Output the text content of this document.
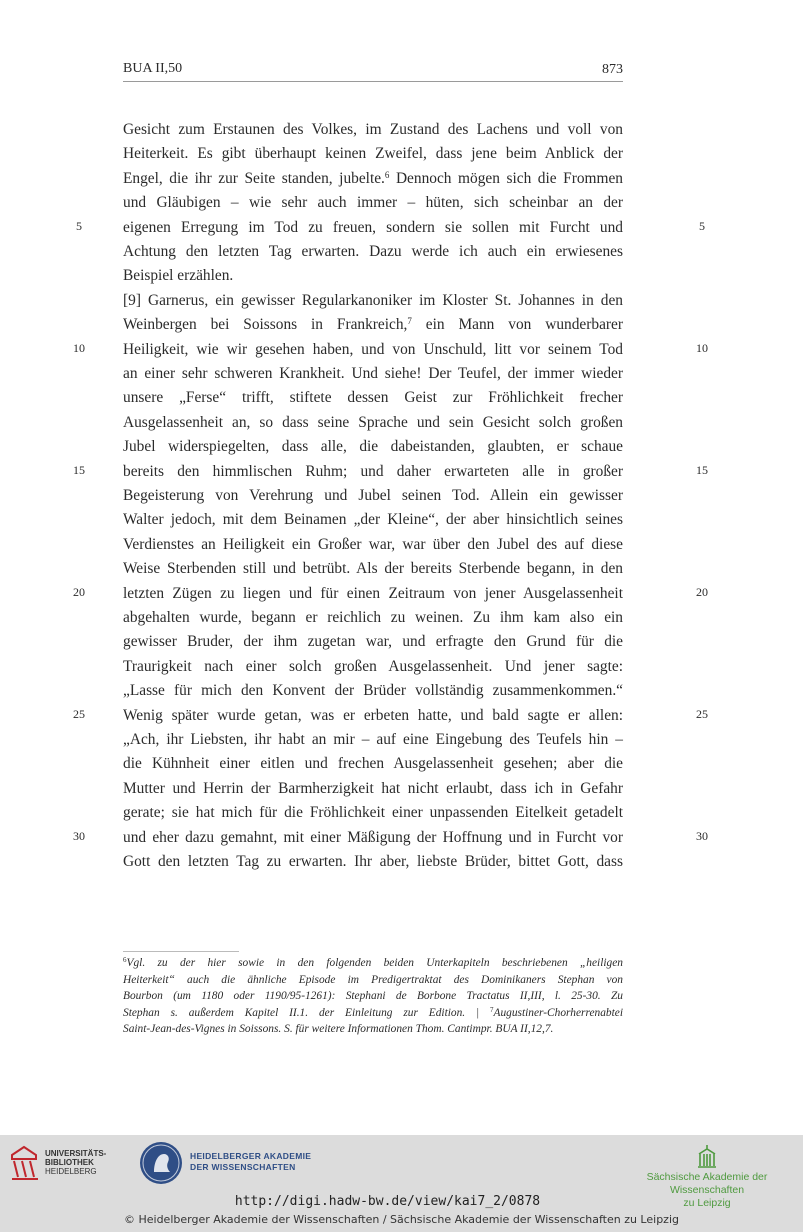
BUA II,50	873
5
10
15
20
25
30
5
10
15
20
25
30
Gesicht zum Erstaunen des Volkes, im Zustand des Lachens und voll von
Heiterkeit. Es gibt überhaupt keinen Zweifel, dass jene beim Anblick der
Engel, die ihr zur Seite standen, jubelte.$^6$ Dennoch mögen sich die Frommen
und Gläubigen – wie sehr auch immer – hüten, sich scheinbar an der
eigenen Erregung im Tod zu freuen, sondern sie sollen mit Furcht und
Achtung den letzten Tag erwarten. Dazu werde ich auch ein erwiesenes
Beispiel erzählen.
[9] Garnerus, ein gewisser Regularkanoniker im Kloster St. Johannes in den
Weinbergen bei Soissons in Frankreich,$^7$ ein Mann von wunderbarer
Heiligkeit, wie wir gesehen haben, und von Unschuld, litt vor seinem Tod
an einer sehr schweren Krankheit. Und siehe! Der Teufel, der immer wieder
unsere „Ferse“ trifft, stiftete dessen Geist zur Fröhlichkeit frecher
Ausgelassenheit an, so dass seine Sprache und sein Gesicht solch großen
Jubel widerspiegelten, dass alle, die dabeistanden, glaubten, er schaue
bereits den himmlischen Ruhm; und daher erwarteten alle in großer
Begeisterung von Verehrung und Jubel seinen Tod. Allein ein gewisser
Walter jedoch, mit dem Beinamen „der Kleine“, der aber hinsichtlich seines
Verdienstes an Heiligkeit ein Großer war, war über den Jubel des auf diese
Weise Sterbenden still und betrübt. Als der bereits Sterbende begann, in den
letzten Zügen zu liegen und für einen Zeitraum von jener Ausgelassenheit
abgehalten wurde, begann er reichlich zu weinen. Zu ihm kam also ein
gewisser Bruder, der ihm zugetan war, und erfragte den Grund für die
Traurigkeit nach einer solch großen Ausgelassenheit. Und jener sagte:
„Lasse für mich den Konvent der Brüder vollständig zusammenkommen.“
Wenig später wurde getan, was er erbeten hatte, und bald sagte er allen:
„Ach, ihr Liebsten, ihr habt an mir – auf eine Eingebung des Teufels hin –
die Kühnheit einer eitlen und frechen Ausgelassenheit gesehen; aber die
Mutter und Herrin der Barmherzigkeit hat nicht erlaubt, dass ich in Gefahr
gerate; sie hat mich für die Fröhlichkeit einer unpassenden Eitelkeit getadelt
und eher dazu gemahnt, mit einer Mäßigung der Hoffnung und in Furcht vor
Gott den letzten Tag zu erwarten. Ihr aber, liebste Brüder, bittet Gott, dass
$^6$Vgl. zu der hier sowie in den folgenden beiden Unterkapiteln beschriebenen „heiligen
Heiterkeit“ auch die ähnliche Episode im Predigertraktat des Dominikaners Stephan von
Bourbon (um 1180 oder 1190/95-1261): Stephani de Borbone Tractatus II,III, l. 25-30. Zu
Stephan s. außerdem Kapitel II.1. der Einleitung zur Edition. | $^7$Augustiner-Chorherrenabtei
Saint-Jean-des-Vignes in Soissons. S. für weitere Informationen Thom. Cantimpr. BUA II,12,7.
UNIVERSITÄTS-
BIBLIOTHEK
HEIDELBERG
HEIDELBERGER AKADEMIE
DER WISSENSCHAFTEN
Sächsische Akademie der Wissenschaften
zu Leipzig
http://digi.hadw-bw.de/view/kai7_2/0878
© Heidelberger Akademie der Wissenschaften / Sächsische Akademie der Wissenschaften zu Leipzig
